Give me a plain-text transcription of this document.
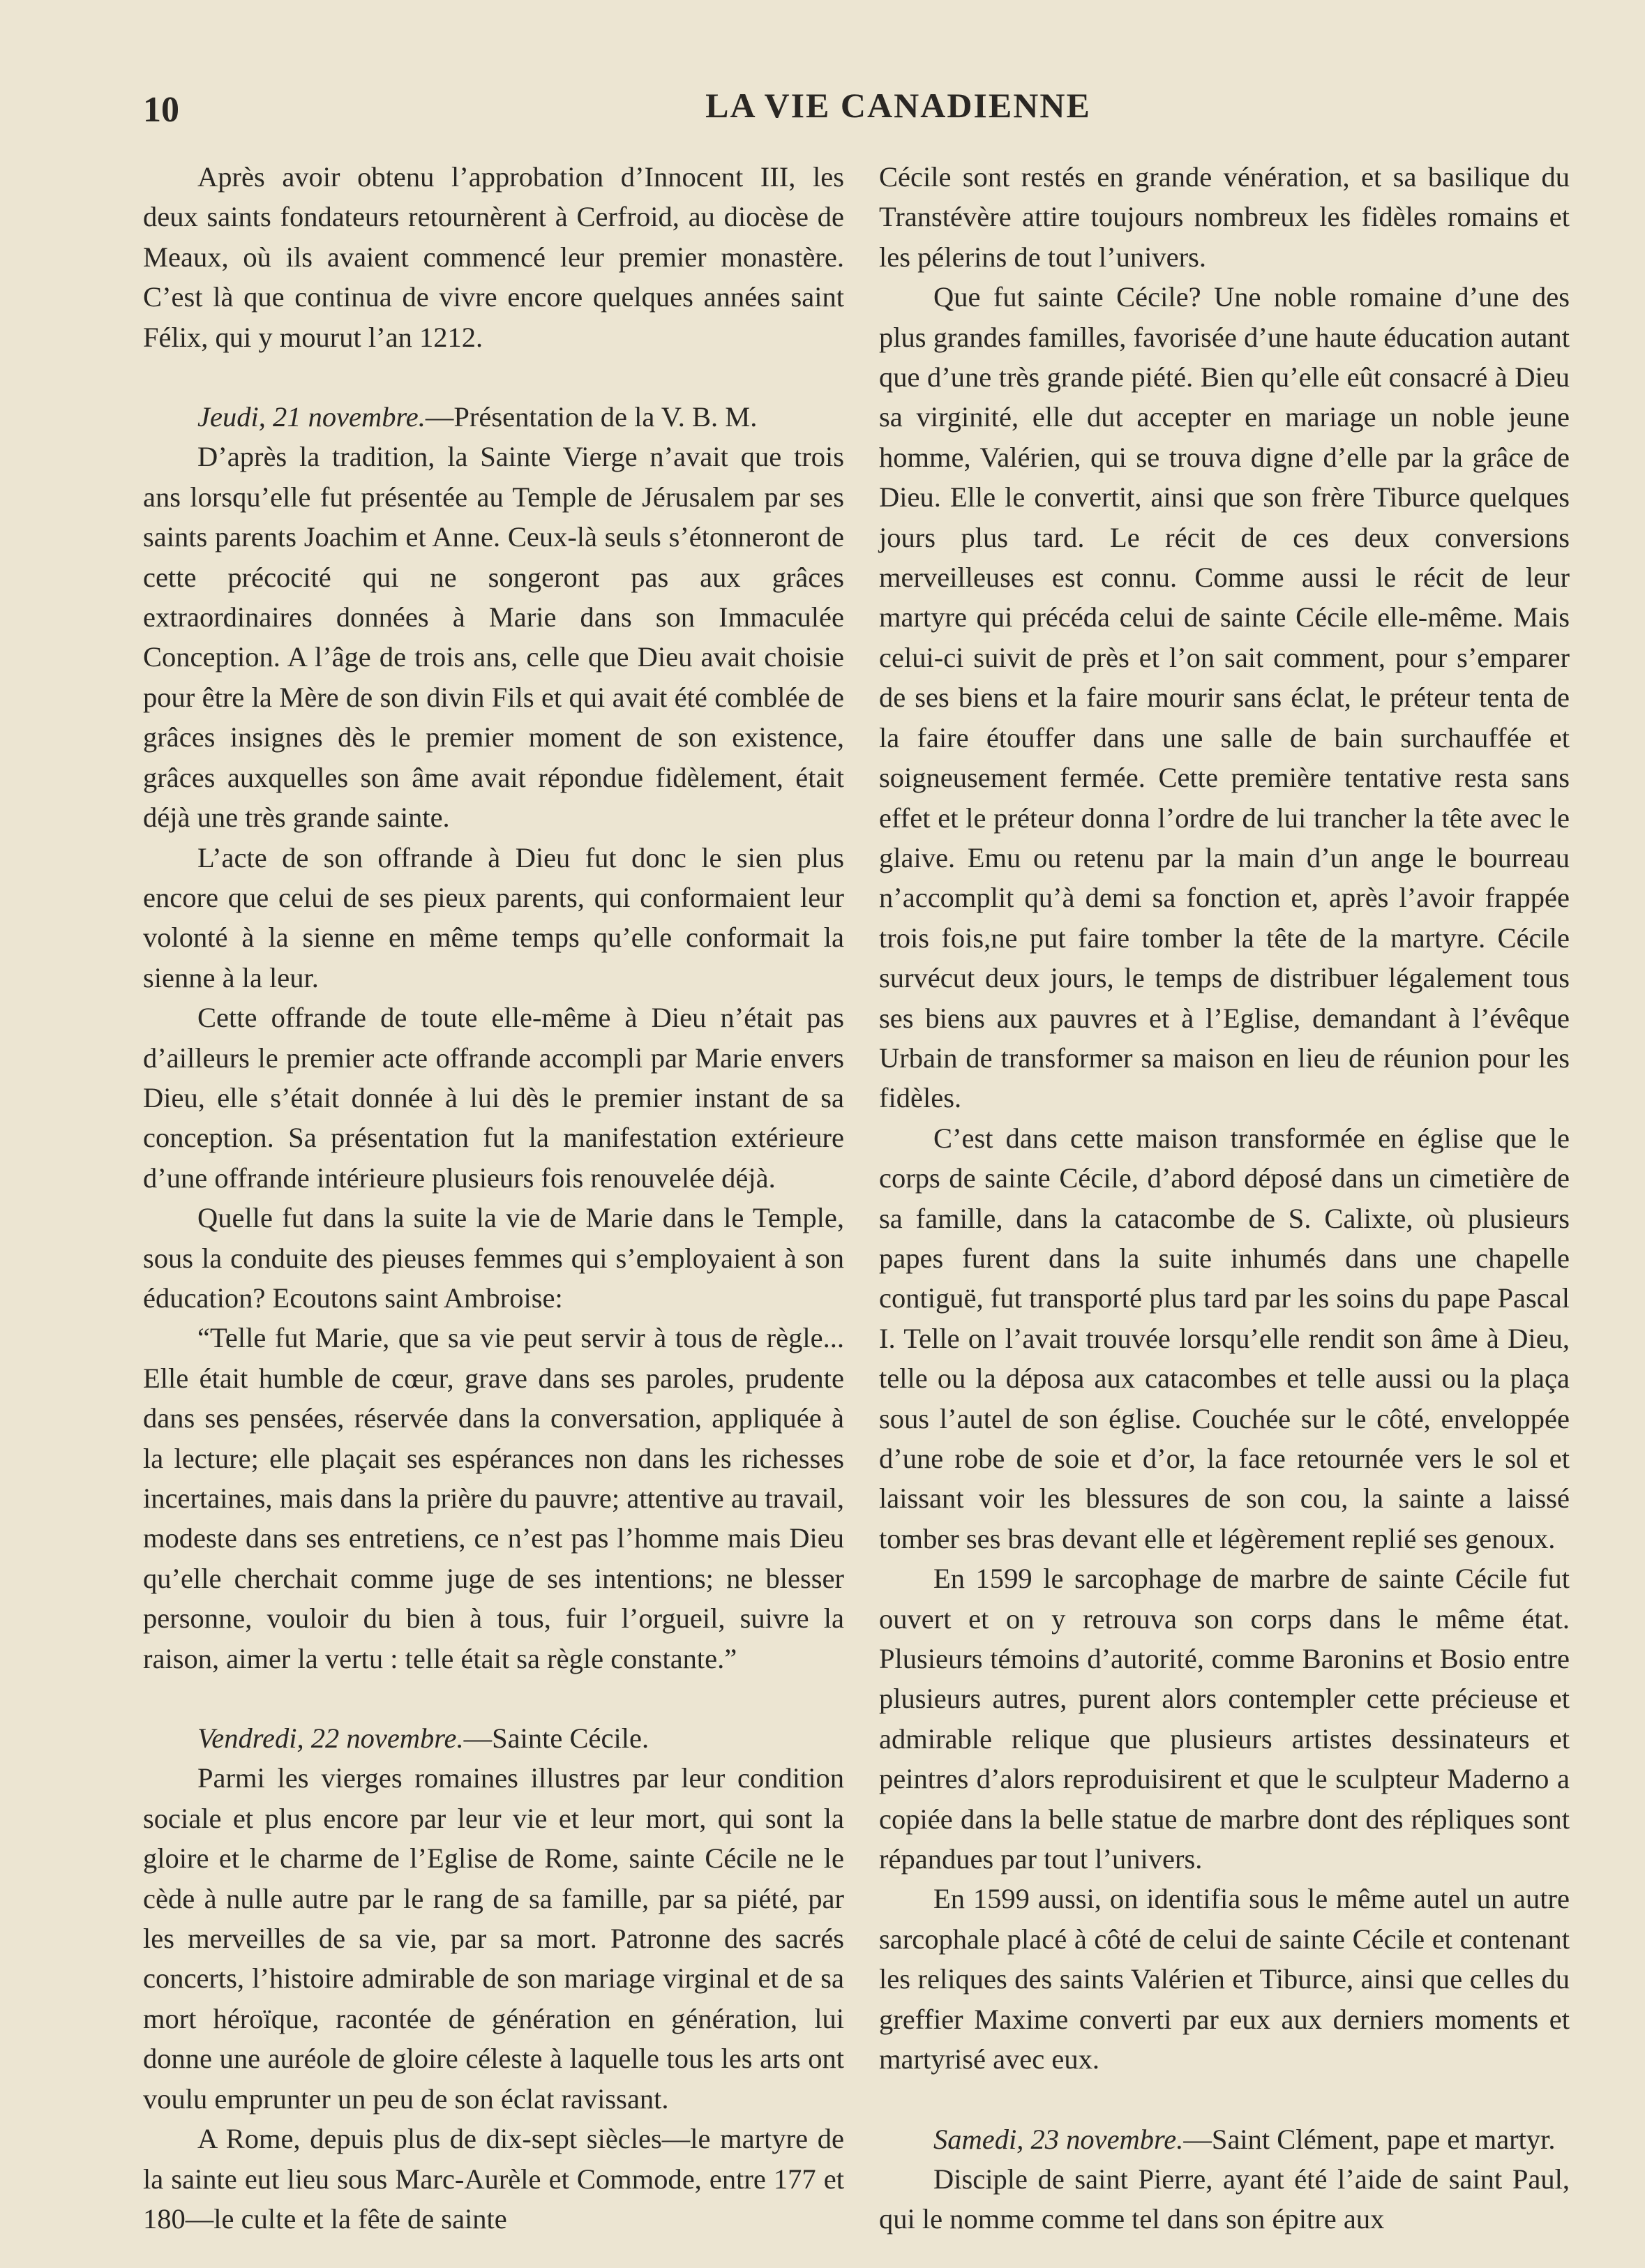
10	LA VIE CANADIENNE

Après avoir obtenu l’approbation d’Innocent III, les deux saints fondateurs retournèrent à Cerfroid, au diocèse de Meaux, où ils avaient commencé leur premier monastère. C’est là que continua de vivre encore quelques années saint Félix, qui y mourut l’an 1212.

Jeudi, 21 novembre.—Présentation de la V. B. M.

D’après la tradition, la Sainte Vierge n’avait que trois ans lorsqu’elle fut présentée au Temple de Jérusalem par ses saints parents Joachim et Anne. Ceux-là seuls s’étonneront de cette précocité qui ne songeront pas aux grâces extraordinaires données à Marie dans son Immaculée Conception. A l’âge de trois ans, celle que Dieu avait choisie pour être la Mère de son divin Fils et qui avait été comblée de grâces insignes dès le premier moment de son existence, grâces auxquelles son âme avait répondue fidèlement, était déjà une très grande sainte.

L’acte de son offrande à Dieu fut donc le sien plus encore que celui de ses pieux parents, qui conformaient leur volonté à la sienne en même temps qu’elle conformait la sienne à la leur.

Cette offrande de toute elle-même à Dieu n’était pas d’ailleurs le premier acte offrande accompli par Marie envers Dieu, elle s’était donnée à lui dès le premier instant de sa conception. Sa présentation fut la manifestation extérieure d’une offrande intérieure plusieurs fois renouvelée déjà.

Quelle fut dans la suite la vie de Marie dans le Temple, sous la conduite des pieuses femmes qui s’employaient à son éducation? Ecoutons saint Ambroise:

“Telle fut Marie, que sa vie peut servir à tous de règle... Elle était humble de cœur, grave dans ses paroles, prudente dans ses pensées, réservée dans la conversation, appliquée à la lecture; elle plaçait ses espérances non dans les richesses incertaines, mais dans la prière du pauvre; attentive au travail, modeste dans ses entretiens, ce n’est pas l’homme mais Dieu qu’elle cherchait comme juge de ses intentions; ne blesser personne, vouloir du bien à tous, fuir l’orgueil, suivre la raison, aimer la vertu : telle était sa règle constante.”

Vendredi, 22 novembre.—Sainte Cécile.

Parmi les vierges romaines illustres par leur condition sociale et plus encore par leur vie et leur mort, qui sont la gloire et le charme de l’Eglise de Rome, sainte Cécile ne le cède à nulle autre par le rang de sa famille, par sa piété, par les merveilles de sa vie, par sa mort. Patronne des sacrés concerts, l’histoire admirable de son mariage virginal et de sa mort héroïque, racontée de génération en génération, lui donne une auréole de gloire céleste à laquelle tous les arts ont voulu emprunter un peu de son éclat ravissant.

A Rome, depuis plus de dix-sept siècles—le martyre de la sainte eut lieu sous Marc-Aurèle et Commode, entre 177 et 180—le culte et la fête de sainte

Cécile sont restés en grande vénération, et sa basilique du Transtévère attire toujours nombreux les fidèles romains et les pélerins de tout l’univers.

Que fut sainte Cécile? Une noble romaine d’une des plus grandes familles, favorisée d’une haute éducation autant que d’une très grande piété. Bien qu’elle eût consacré à Dieu sa virginité, elle dut accepter en mariage un noble jeune homme, Valérien, qui se trouva digne d’elle par la grâce de Dieu. Elle le convertit, ainsi que son frère Tiburce quelques jours plus tard. Le récit de ces deux conversions merveilleuses est connu. Comme aussi le récit de leur martyre qui précéda celui de sainte Cécile elle-même. Mais celui-ci suivit de près et l’on sait comment, pour s’emparer de ses biens et la faire mourir sans éclat, le préteur tenta de la faire étouffer dans une salle de bain surchauffée et soigneusement fermée. Cette première tentative resta sans effet et le préteur donna l’ordre de lui trancher la tête avec le glaive. Emu ou retenu par la main d’un ange le bourreau n’accomplit qu’à demi sa fonction et, après l’avoir frappée trois fois,ne put faire tomber la tête de la martyre. Cécile survécut deux jours, le temps de distribuer légalement tous ses biens aux pauvres et à l’Eglise, demandant à l’évêque Urbain de transformer sa maison en lieu de réunion pour les fidèles.

C’est dans cette maison transformée en église que le corps de sainte Cécile, d’abord déposé dans un cimetière de sa famille, dans la catacombe de S. Calixte, où plusieurs papes furent dans la suite inhumés dans une chapelle contiguë, fut transporté plus tard par les soins du pape Pascal I. Telle on l’avait trouvée lorsqu’elle rendit son âme à Dieu, telle ou la déposa aux catacombes et telle aussi ou la plaça sous l’autel de son église. Couchée sur le côté, enveloppée d’une robe de soie et d’or, la face retournée vers le sol et laissant voir les blessures de son cou, la sainte a laissé tomber ses bras devant elle et légèrement replié ses genoux.

En 1599 le sarcophage de marbre de sainte Cécile fut ouvert et on y retrouva son corps dans le même état. Plusieurs témoins d’autorité, comme Baronins et Bosio entre plusieurs autres, purent alors contempler cette précieuse et admirable relique que plusieurs artistes dessinateurs et peintres d’alors reproduisirent et que le sculpteur Maderno a copiée dans la belle statue de marbre dont des répliques sont répandues par tout l’univers.

En 1599 aussi, on identifia sous le même autel un autre sarcophale placé à côté de celui de sainte Cécile et contenant les reliques des saints Valérien et Tiburce, ainsi que celles du greffier Maxime converti par eux aux derniers moments et martyrisé avec eux.

Samedi, 23 novembre.—Saint Clément, pape et martyr.

Disciple de saint Pierre, ayant été l’aide de saint Paul, qui le nomme comme tel dans son épitre aux
